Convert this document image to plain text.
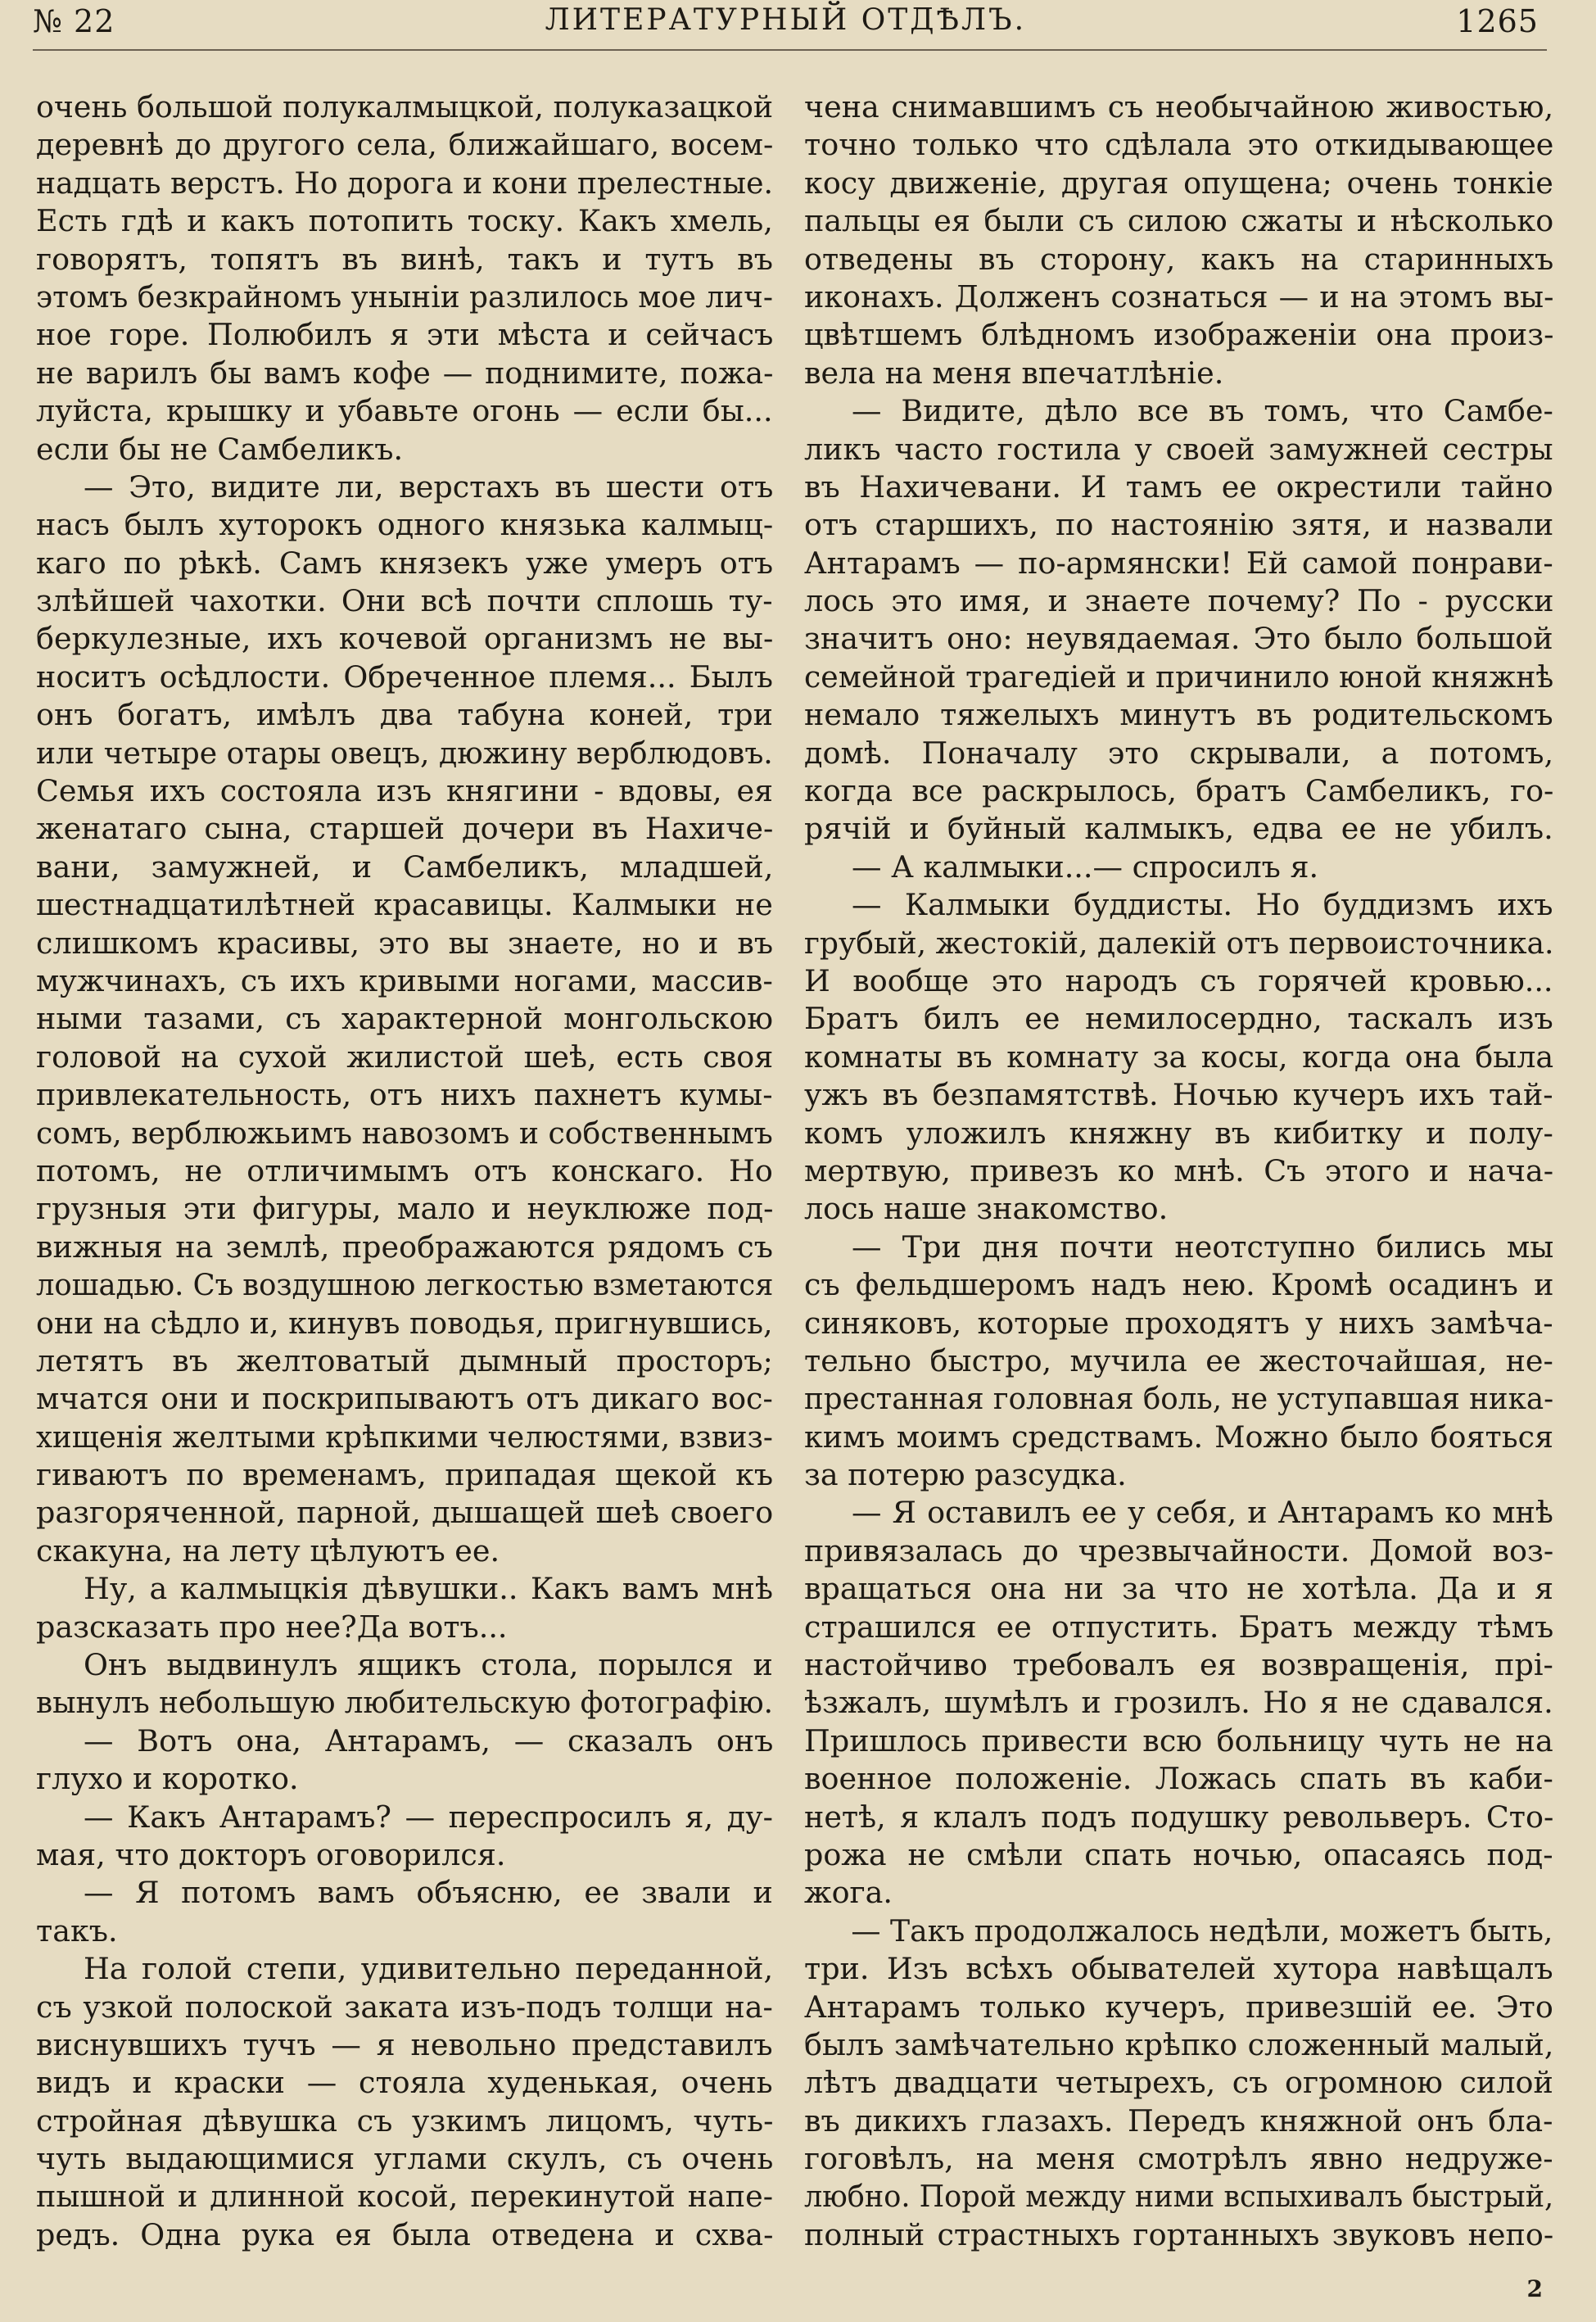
№ 22	ЛИТЕРАТУРНЫЙ ОТДѢЛЪ.	1265
очень большой полукалмыцкой, полуказацкой
деревнѣ до другого села, ближайшаго, восем-
надцать верстъ. Но дорога и кони прелестные.
Есть гдѣ и какъ потопить тоску. Какъ хмель,
говорятъ, топятъ въ винѣ, такъ и тутъ въ
этомъ безкрайномъ уныніи разлилось мое лич-
ное горе. Полюбилъ я эти мѣста и сейчасъ
не варилъ бы вамъ кофе — поднимите, пожа-
луйста, крышку и убавьте огонь — если бы...
если бы не Самбеликъ.
— Это, видите ли, верстахъ въ шести отъ
насъ былъ хуторокъ одного князька калмыц-
каго по рѣкѣ. Самъ князекъ уже умеръ отъ
злѣйшей чахотки. Они всѣ почти сплошь ту-
беркулезные, ихъ кочевой организмъ не вы-
носитъ осѣдлости. Обреченное племя... Былъ
онъ богатъ, имѣлъ два табуна коней, три
или четыре отары овецъ, дюжину верблюдовъ.
Семья ихъ состояла изъ княгини - вдовы, ея
женатаго сына, старшей дочери въ Нахиче-
вани, замужней, и Самбеликъ, младшей,
шестнадцатилѣтней красавицы. Калмыки не
слишкомъ красивы, это вы знаете, но и въ
мужчинахъ, съ ихъ кривыми ногами, массив-
ными тазами, съ характерной монгольскою
головой на сухой жилистой шеѣ, есть своя
привлекательность, отъ нихъ пахнетъ кумы-
сомъ, верблюжьимъ навозомъ и собственнымъ
потомъ, не отличимымъ отъ конскаго. Но
грузныя эти фигуры, мало и неуклюже под-
вижныя на землѣ, преображаются рядомъ съ
лошадью. Съ воздушною легкостью взметаются
они на сѣдло и, кинувъ поводья, пригнувшись,
летятъ въ желтоватый дымный просторъ;
мчатся они и поскрипываютъ отъ дикаго вос-
хищенія желтыми крѣпкими челюстями, взвиз-
гиваютъ по временамъ, припадая щекой къ
разгоряченной, парной, дышащей шеѣ своего
скакуна, на лету цѣлуютъ ее.
Ну, а калмыцкія дѣвушки.. Какъ вамъ мнѣ
разсказать про нее?Да вотъ...
Онъ выдвинулъ ящикъ стола, порылся и
вынулъ небольшую любительскую фотографію.
— Вотъ она, Антарамъ, — сказалъ онъ
глухо и коротко.
— Какъ Антарамъ? — переспросилъ я, ду-
мая, что докторъ оговорился.
— Я потомъ вамъ объясню, ее звали и
такъ.
На голой степи, удивительно переданной,
съ узкой полоской заката изъ-подъ толщи на-
виснувшихъ тучъ — я невольно представилъ
видъ и краски — стояла худенькая, очень
стройная дѣвушка съ узкимъ лицомъ, чуть-
чуть выдающимися углами скулъ, съ очень
пышной и длинной косой, перекинутой напе-
редъ. Одна рука ея была отведена и схва-
чена снимавшимъ съ необычайною живостью,
точно только что сдѣлала это откидывающее
косу движеніе, другая опущена; очень тонкіе
пальцы ея были съ силою сжаты и нѣсколько
отведены въ сторону, какъ на старинныхъ
иконахъ. Долженъ сознаться — и на этомъ вы-
цвѣтшемъ блѣдномъ изображеніи она произ-
вела на меня впечатлѣніе.
— Видите, дѣло все въ томъ, что Самбе-
ликъ часто гостила у своей замужней сестры
въ Нахичевани. И тамъ ее окрестили тайно
отъ старшихъ, по настоянію зятя, и назвали
Антарамъ — по-армянски! Ей самой понрави-
лось это имя, и знаете почему? По - русски
значитъ оно: неувядаемая. Это было большой
семейной трагедіей и причинило юной княжнѣ
немало тяжелыхъ минутъ въ родительскомъ
домѣ. Поначалу это скрывали, а потомъ,
когда все раскрылось, братъ Самбеликъ, го-
рячій и буйный калмыкъ, едва ее не убилъ.
— А калмыки...— спросилъ я.
— Калмыки буддисты. Но буддизмъ ихъ
грубый, жестокій, далекій отъ первоисточника.
И вообще это народъ съ горячей кровью...
Братъ билъ ее немилосердно, таскалъ изъ
комнаты въ комнату за косы, когда она была
ужъ въ безпамятствѣ. Ночью кучеръ ихъ тай-
комъ уложилъ княжну въ кибитку и полу-
мертвую, привезъ ко мнѣ. Съ этого и нача-
лось наше знакомство.
— Три дня почти неотступно бились мы
съ фельдшеромъ надъ нею. Кромѣ осадинъ и
синяковъ, которые проходятъ у нихъ замѣча-
тельно быстро, мучила ее жесточайшая, не-
престанная головная боль, не уступавшая ника-
кимъ моимъ средствамъ. Можно было бояться
за потерю разсудка.
— Я оставилъ ее у себя, и Антарамъ ко мнѣ
привязалась до чрезвычайности. Домой воз-
вращаться она ни за что не хотѣла. Да и я
страшился ее отпустить. Братъ между тѣмъ
настойчиво требовалъ ея возвращенія, прі-
ѣзжалъ, шумѣлъ и грозилъ. Но я не сдавался.
Пришлось привести всю больницу чуть не на
военное положеніе. Ложась спать въ каби-
нетѣ, я клалъ подъ подушку револьверъ. Сто-
рожа не смѣли спать ночью, опасаясь под-
жога.
— Такъ продолжалось недѣли, можетъ быть,
три. Изъ всѣхъ обывателей хутора навѣщалъ
Антарамъ только кучеръ, привезшій ее. Это
былъ замѣчательно крѣпко сложенный малый,
лѣтъ двадцати четырехъ, съ огромною силой
въ дикихъ глазахъ. Передъ княжной онъ бла-
гоговѣлъ, на меня смотрѣлъ явно недруже-
любно. Порой между ними вспыхивалъ быстрый,
полный страстныхъ гортанныхъ звуковъ непо-
2
